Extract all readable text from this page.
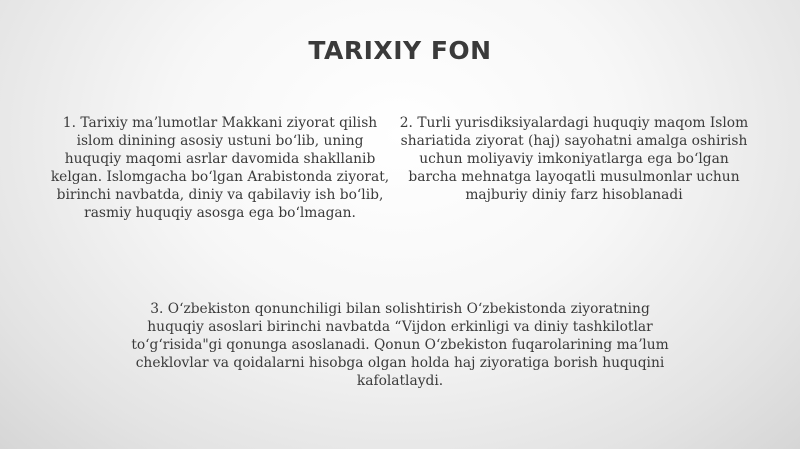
TARIXIY FON
1. Tarixiy maʼlumotlar Makkani ziyorat qilish islom dinining asosiy ustuni boʻlib, uning huquqiy maqomi asrlar davomida shakllanib kelgan. Islomgacha boʻlgan Arabistonda ziyorat, birinchi navbatda, diniy va qabilaviy ish boʻlib, rasmiy huquqiy asosga ega boʻlmagan.
2. Turli yurisdiksiyalardagi huquqiy maqom Islom shariatida ziyorat (haj) sayohatni amalga oshirish uchun moliyaviy imkoniyatlarga ega boʻlgan barcha mehnatga layoqatli musulmonlar uchun majburiy diniy farz hisoblanadi
3. Oʻzbekiston qonunchiligi bilan solishtirish Oʻzbekistonda ziyoratning huquqiy asoslari birinchi navbatda “Vijdon erkinligi va diniy tashkilotlar toʻgʻrisida"gi qonunga asoslanadi. Qonun Oʻzbekiston fuqarolarining maʼlum cheklovlar va qoidalarni hisobga olgan holda haj ziyoratiga borish huquqini kafolatlaydi.
